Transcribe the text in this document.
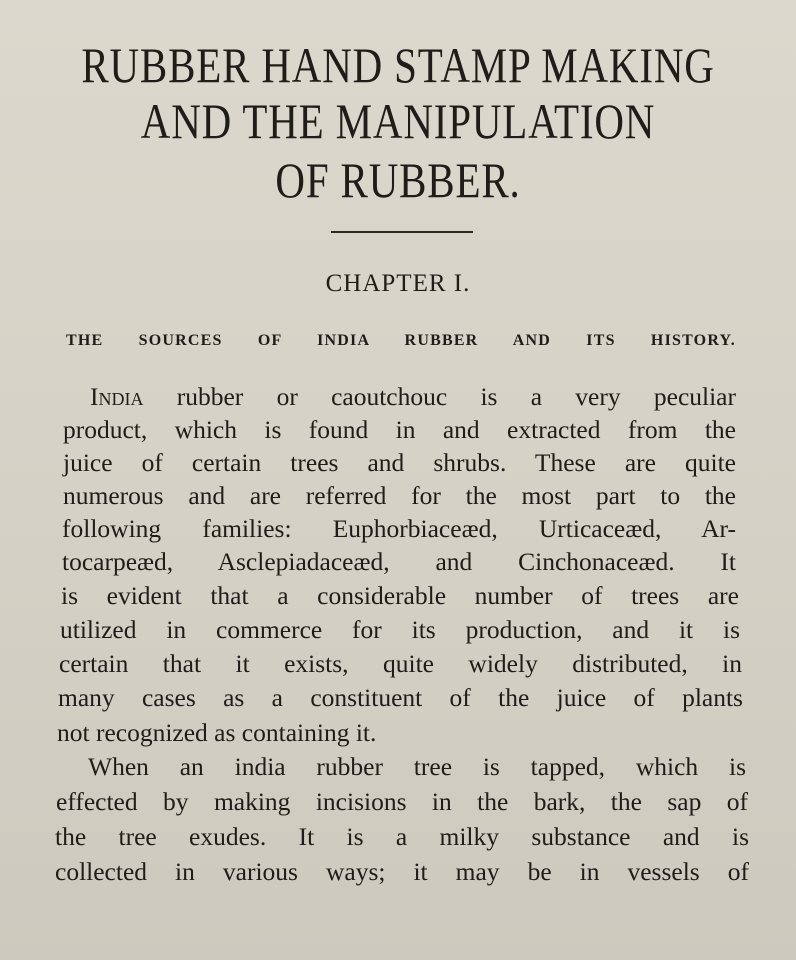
RUBBER HAND STAMP MAKING
AND THE MANIPULATION
OF RUBBER.
CHAPTER I.
THE SOURCES OF INDIA RUBBER AND ITS HISTORY.
India rubber or caoutchouc is a very peculiar
product, which is found in and extracted from the
juice of certain trees and shrubs. These are quite
numerous and are referred for the most part to the
following families: Euphorbiaceæd, Urticaceæd, Ar-
tocarpeæd, Asclepiadaceæd, and Cinchonaceæd. It
is evident that a considerable number of trees are
utilized in commerce for its production, and it is
certain that it exists, quite widely distributed, in
many cases as a constituent of the juice of plants
not recognized as containing it.
When an india rubber tree is tapped, which is
effected by making incisions in the bark, the sap of
the tree exudes. It is a milky substance and is
collected in various ways; it may be in vessels of
